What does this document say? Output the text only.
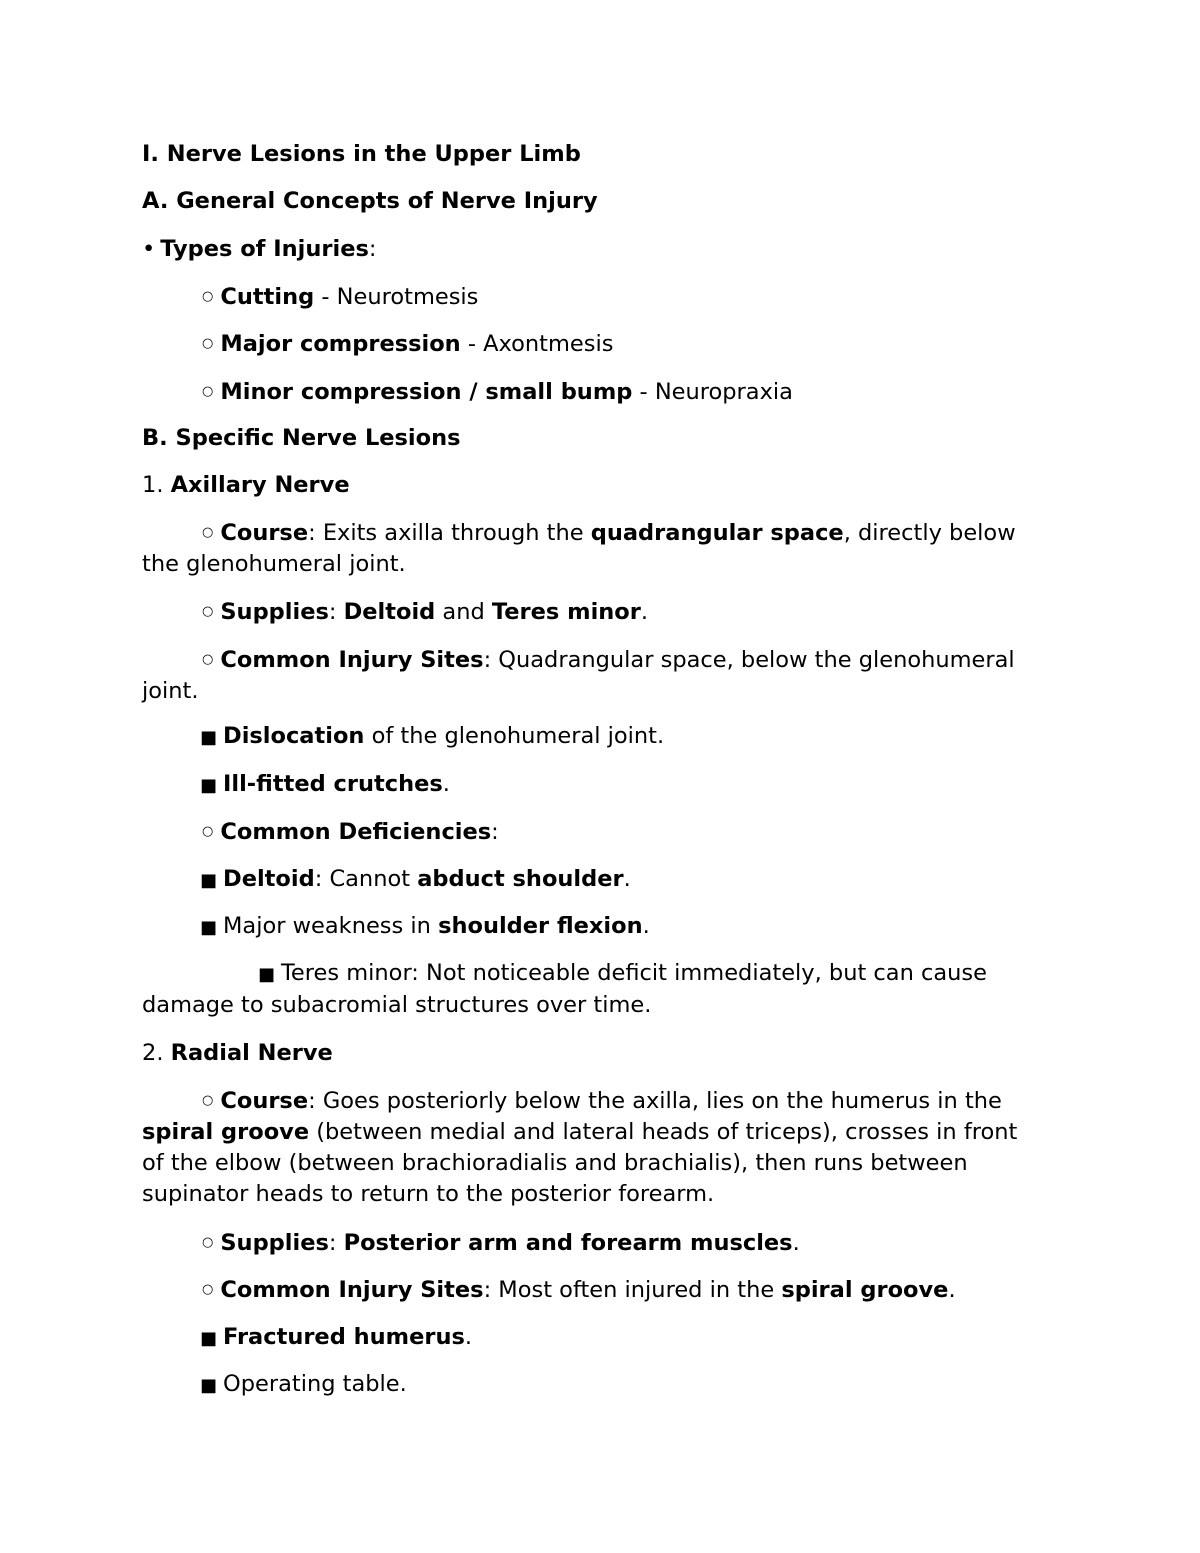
I. Nerve Lesions in the Upper Limb

A. General Concepts of Nerve Injury

• Types of Injuries:

○ Cutting - Neurotmesis

○ Major compression - Axontmesis

○ Minor compression / small bump - Neuropraxia

B. Specific Nerve Lesions

1. Axillary Nerve

○ Course: Exits axilla through the quadrangular space, directly below the glenohumeral joint.

○ Supplies: Deltoid and Teres minor.

○ Common Injury Sites: Quadrangular space, below the glenohumeral joint.

■ Dislocation of the glenohumeral joint.

■ Ill-fitted crutches.

○ Common Deficiencies:

■ Deltoid: Cannot abduct shoulder.

■ Major weakness in shoulder flexion.

■ Teres minor: Not noticeable deficit immediately, but can cause damage to subacromial structures over time.

2. Radial Nerve

○ Course: Goes posteriorly below the axilla, lies on the humerus in the spiral groove (between medial and lateral heads of triceps), crosses in front of the elbow (between brachioradialis and brachialis), then runs between supinator heads to return to the posterior forearm.

○ Supplies: Posterior arm and forearm muscles.

○ Common Injury Sites: Most often injured in the spiral groove.

■ Fractured humerus.

■ Operating table.
